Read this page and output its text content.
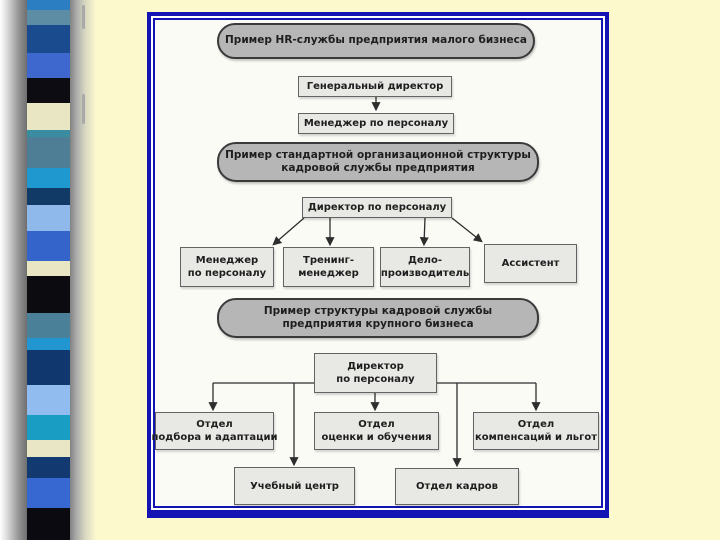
Пример HR-службы предприятия малого бизнеса
Генеральный директор
Менеджер по персоналу
Пример стандартной организационной структуры
кадровой службы предприятия
Директор по персоналу
Менеджер
по персоналу
Тренинг-
менеджер
Дело-
производитель
Ассистент
Пример структуры кадровой службы
предприятия крупного бизнеса
Директор
по персоналу
Отдел
подбора и адаптации
Отдел
оценки и обучения
Отдел
компенсаций и льгот
Учебный центр	Отдел кадров
